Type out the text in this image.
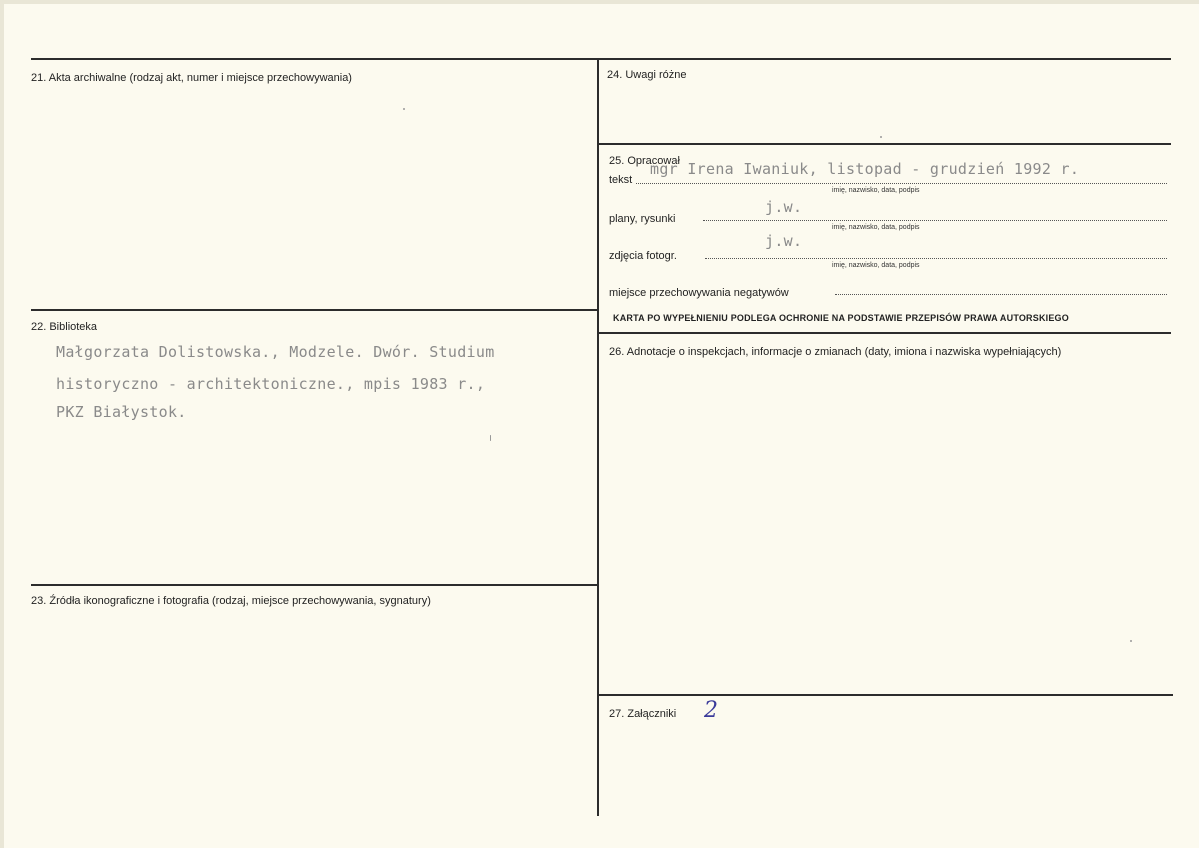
21. Akta archiwalne (rodzaj akt, numer i miejsce przechowywania)
22. Biblioteka
Małgorzata Dolistowska., Modzele. Dwór. Studium
historyczno - architektoniczne., mpis 1983 r.,
PKZ Białystok.
23. Źródła ikonograficzne i fotografia (rodzaj, miejsce przechowywania, sygnatury)
24. Uwagi różne
25. Opracował
tekst
mgr Irena Iwaniuk, listopad - grudzień 1992 r.
imię, nazwisko, data, podpis
plany, rysunki
j.w.
imię, nazwisko, data, podpis
zdjęcia fotogr.
j.w.
imię, nazwisko, data, podpis
miejsce przechowywania negatywów
KARTA PO WYPEŁNIENIU PODLEGA OCHRONIE NA PODSTAWIE PRZEPISÓW PRAWA AUTORSKIEGO
26. Adnotacje o inspekcjach, informacje o zmianach (daty, imiona i nazwiska wypełniających)
27. Załączniki 2
